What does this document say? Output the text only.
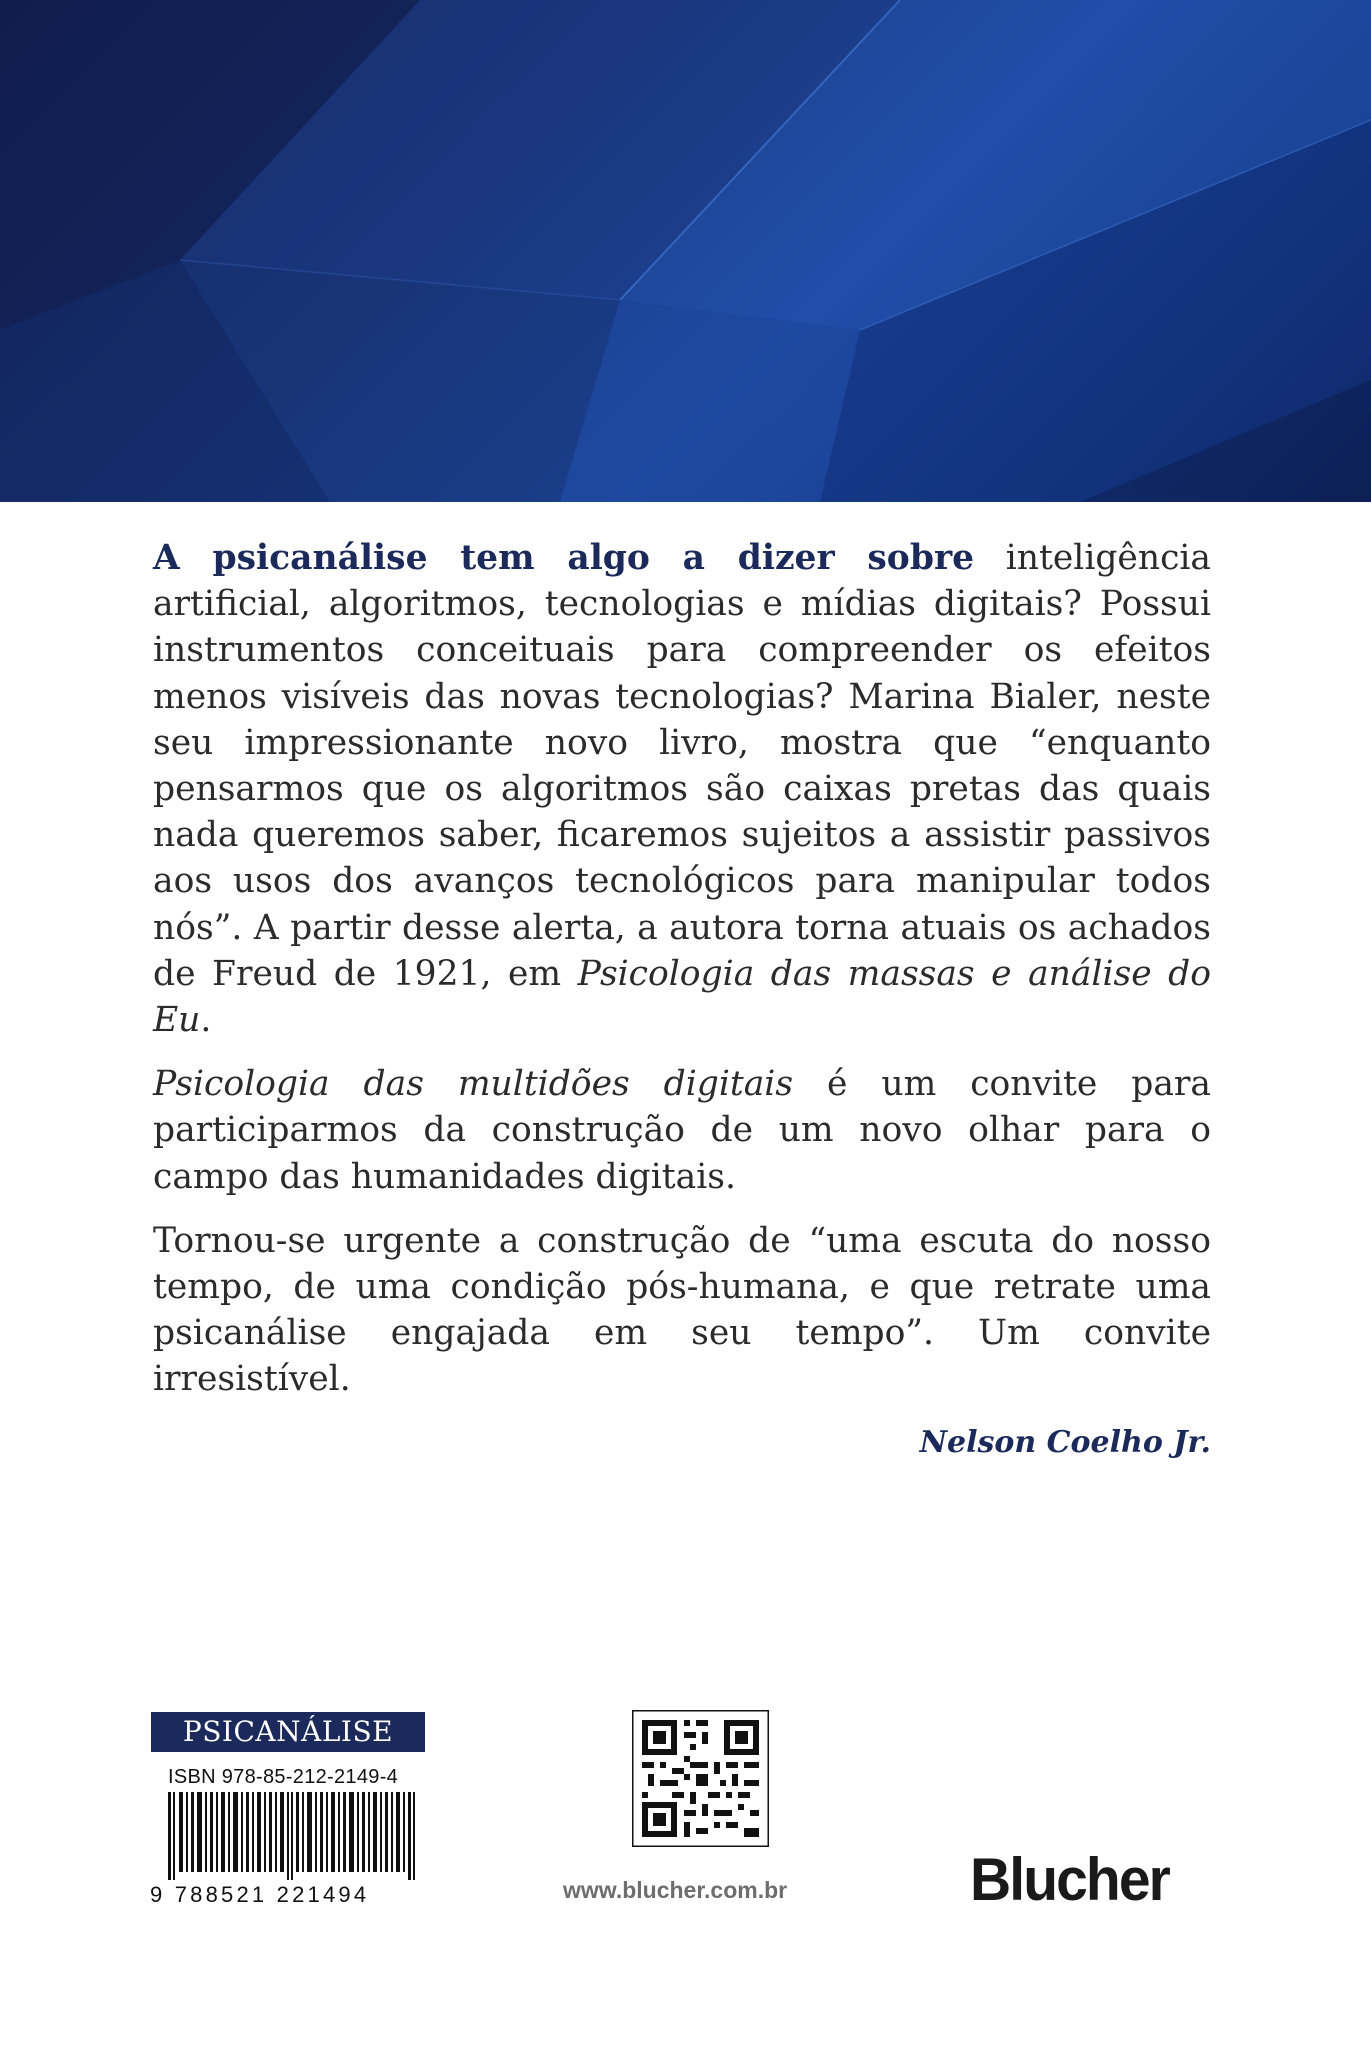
A psicanálise tem algo a dizer sobre inteligência artificial, algoritmos, tecnologias e mídias digitais? Possui instrumentos conceituais para compreender os efeitos menos visíveis das novas tecnologias? Marina Bialer, neste seu impressionante novo livro, mostra que “enquanto pensarmos que os algoritmos são caixas pretas das quais nada queremos saber, ficaremos sujeitos a assistir passivos aos usos dos avanços tecnológicos para manipular todos nós”. A partir desse alerta, a autora torna atuais os achados de Freud de 1921, em Psicologia das massas e análise do Eu.

Psicologia das multidões digitais é um convite para participarmos da construção de um novo olhar para o campo das humanidades digitais.

Tornou-se urgente a construção de “uma escuta do nosso tempo, de uma condição pós-humana, e que retrate uma psicanálise engajada em seu tempo”. Um convite irresistível.

Nelson Coelho Jr.
PSICANÁLISE
ISBN 978-85-212-2149-4
9 788521 221494	www.blucher.com.br	Blucher
